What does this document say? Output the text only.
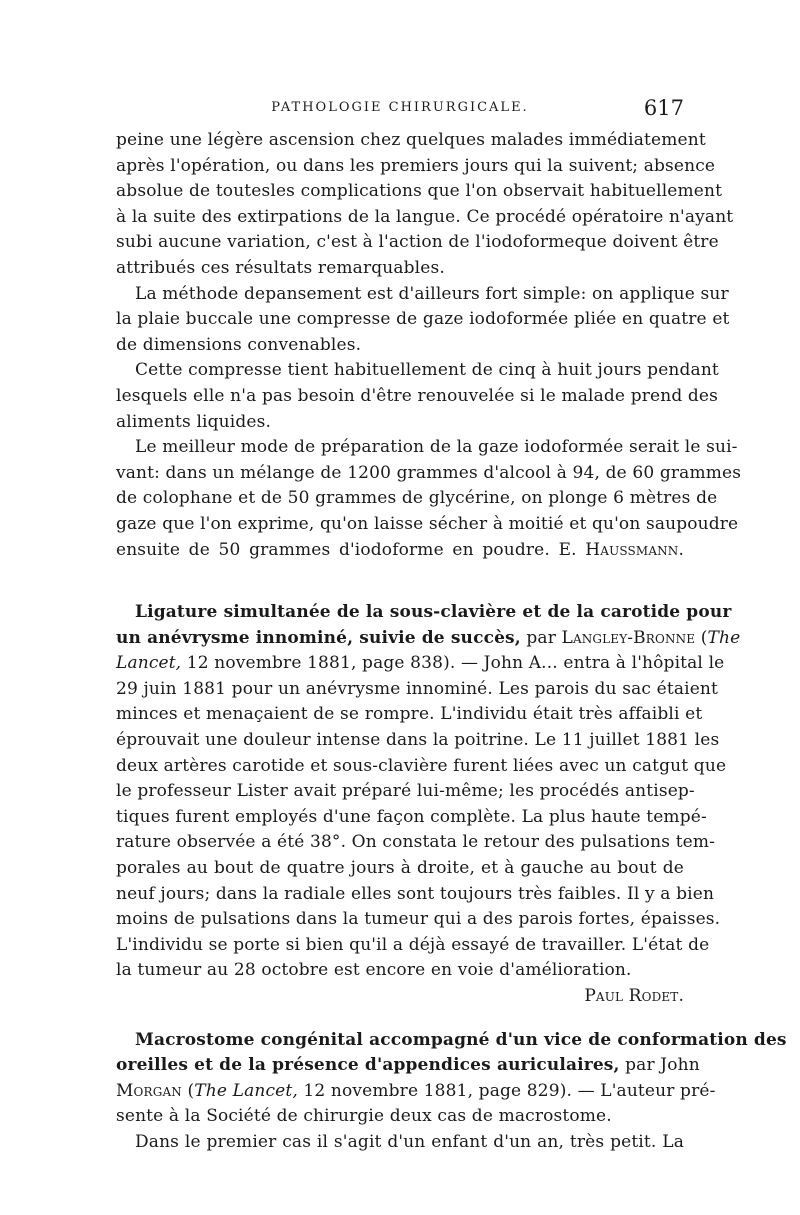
PATHOLOGIE CHIRURGICALE.	617
peine une légère ascension chez quelques malades immédiatement
après l'opération, ou dans les premiers jours qui la suivent; absence
absolue de toutesles complications que l'on observait habituellement
à la suite des extirpations de la langue. Ce procédé opératoire n'ayant
subi aucune variation, c'est à l'action de l'iodoformeque doivent être
attribués ces résultats remarquables.
La méthode depansement est d'ailleurs fort simple: on applique sur
la plaie buccale une compresse de gaze iodoformée pliée en quatre et
de dimensions convenables.
Cette compresse tient habituellement de cinq à huit jours pendant
lesquels elle n'a pas besoin d'être renouvelée si le malade prend des
aliments liquides.
Le meilleur mode de préparation de la gaze iodoformée serait le sui-
vant: dans un mélange de 1200 grammes d'alcool à 94, de 60 grammes
de colophane et de 50 grammes de glycérine, on plonge 6 mètres de
gaze que l'on exprime, qu'on laisse sécher à moitié et qu'on saupoudre
ensuite de 50 grammes d'iodoforme en poudre. E. Haussmann.
Ligature simultanée de la sous-clavière et de la carotide pour
un anévrysme innominé, suivie de succès, par Langley-Bronne (The
Lancet, 12 novembre 1881, page 838). — John A... entra à l'hôpital le
29 juin 1881 pour un anévrysme innominé. Les parois du sac étaient
minces et menaçaient de se rompre. L'individu était très affaibli et
éprouvait une douleur intense dans la poitrine. Le 11 juillet 1881 les
deux artères carotide et sous-clavière furent liées avec un catgut que
le professeur Lister avait préparé lui-même; les procédés antisep-
tiques furent employés d'une façon complète. La plus haute tempé-
rature observée a été 38°. On constata le retour des pulsations tem-
porales au bout de quatre jours à droite, et à gauche au bout de
neuf jours; dans la radiale elles sont toujours très faibles. Il y a bien
moins de pulsations dans la tumeur qui a des parois fortes, épaisses.
L'individu se porte si bien qu'il a déjà essayé de travailler. L'état de
la tumeur au 28 octobre est encore en voie d'amélioration.
Paul Rodet.
Macrostome congénital accompagné d'un vice de conformation des
oreilles et de la présence d'appendices auriculaires, par John
Morgan (The Lancet, 12 novembre 1881, page 829). — L'auteur pré-
sente à la Société de chirurgie deux cas de macrostome.
Dans le premier cas il s'agit d'un enfant d'un an, très petit. La
